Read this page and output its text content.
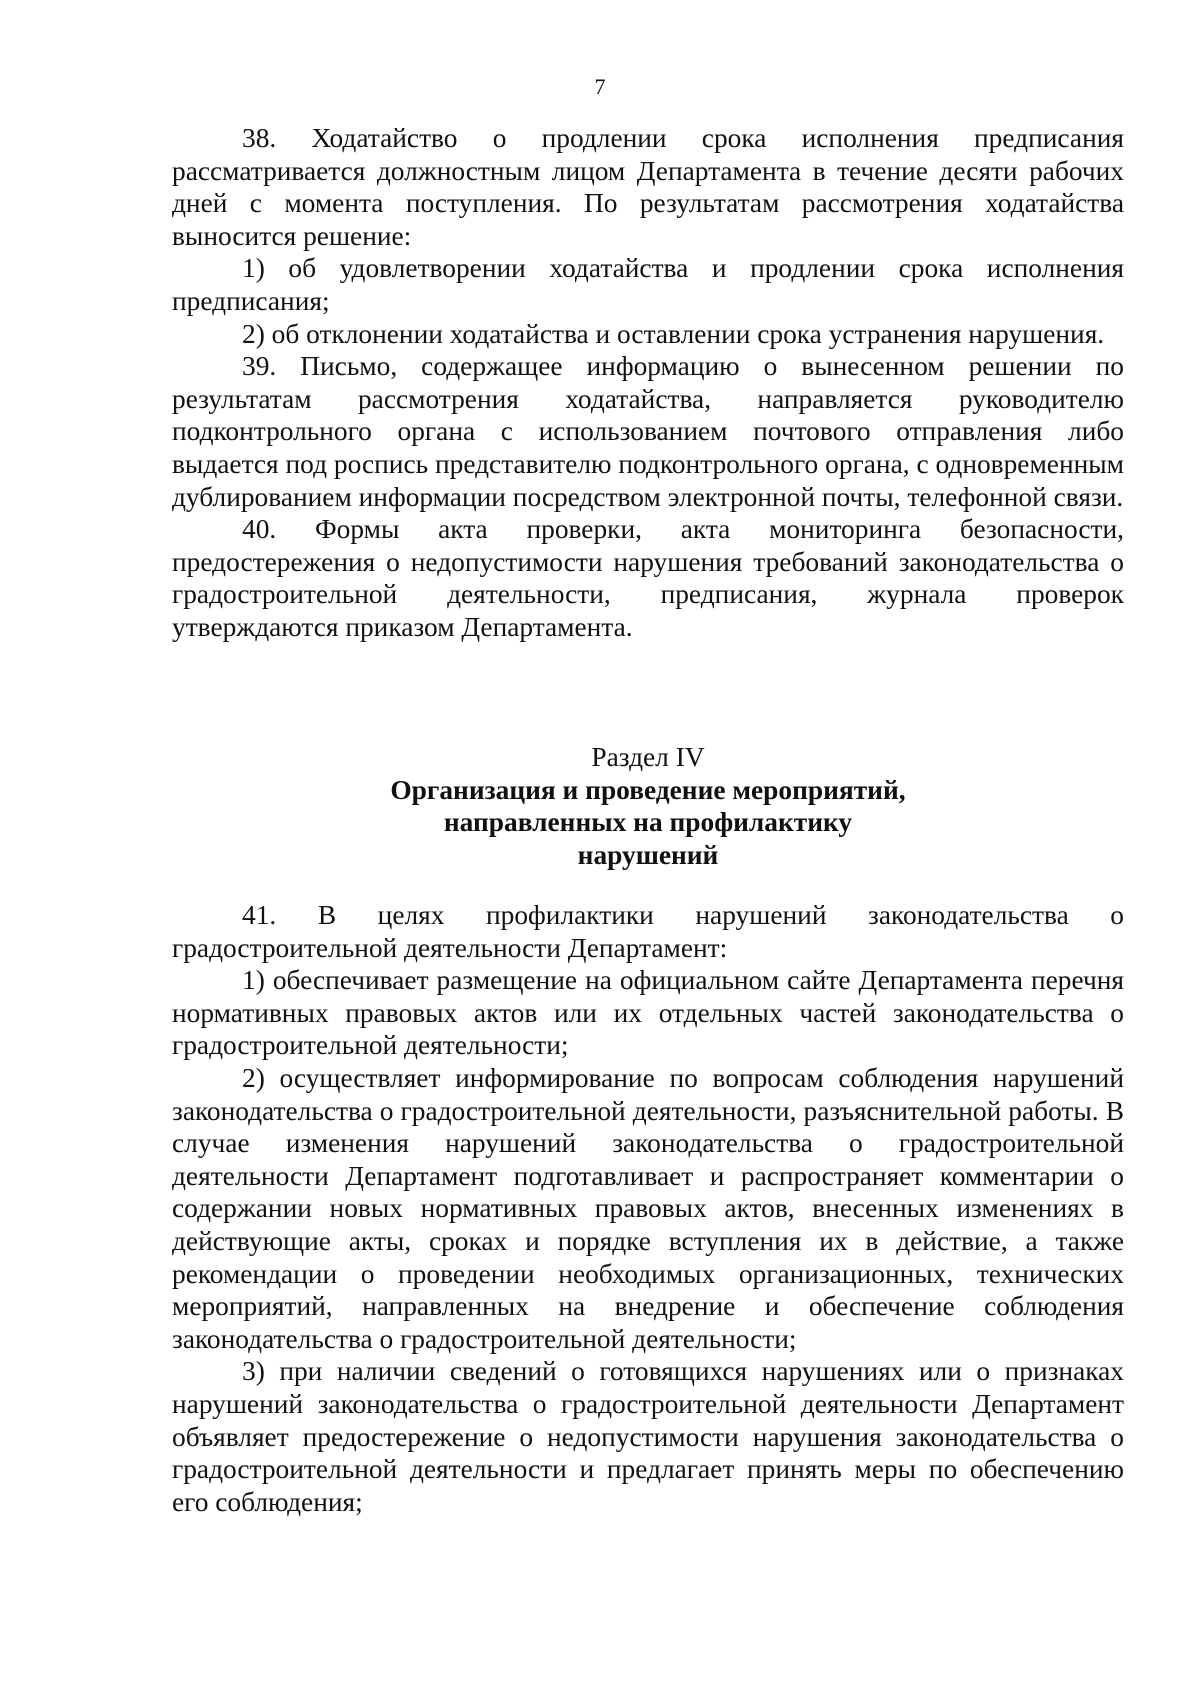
7

38. Ходатайство о продлении срока исполнения предписания рассматривается должностным лицом Департамента в течение десяти рабочих дней с момента поступления. По результатам рассмотрения ходатайства выносится решение:

1) об удовлетворении ходатайства и продлении срока исполнения предписания;

2) об отклонении ходатайства и оставлении срока устранения нарушения.

39. Письмо, содержащее информацию о вынесенном решении по результатам рассмотрения ходатайства, направляется руководителю подконтрольного органа с использованием почтового отправления либо выдается под роспись представителю подконтрольного органа, с одновременным дублированием информации посредством электронной почты, телефонной связи.

40. Формы акта проверки, акта мониторинга безопасности, предостережения о недопустимости нарушения требований законодательства о градостроительной деятельности, предписания, журнала проверок утверждаются приказом Департамента.

Раздел IV

Организация и проведение мероприятий,
направленных на профилактику
нарушений

41. В целях профилактики нарушений законодательства о градостроительной деятельности Департамент:

1) обеспечивает размещение на официальном сайте Департамента перечня нормативных правовых актов или их отдельных частей законодательства о градостроительной деятельности;

2) осуществляет информирование по вопросам соблюдения нарушений законодательства о градостроительной деятельности, разъяснительной работы. В случае изменения нарушений законодательства о градостроительной деятельности Департамент подготавливает и распространяет комментарии о содержании новых нормативных правовых актов, внесенных изменениях в действующие акты, сроках и порядке вступления их в действие, а также рекомендации о проведении необходимых организационных, технических мероприятий, направленных на внедрение и обеспечение соблюдения законодательства о градостроительной деятельности;

3) при наличии сведений о готовящихся нарушениях или о признаках нарушений законодательства о градостроительной деятельности Департамент объявляет предостережение о недопустимости нарушения законодательства о градостроительной деятельности и предлагает принять меры по обеспечению его соблюдения;
